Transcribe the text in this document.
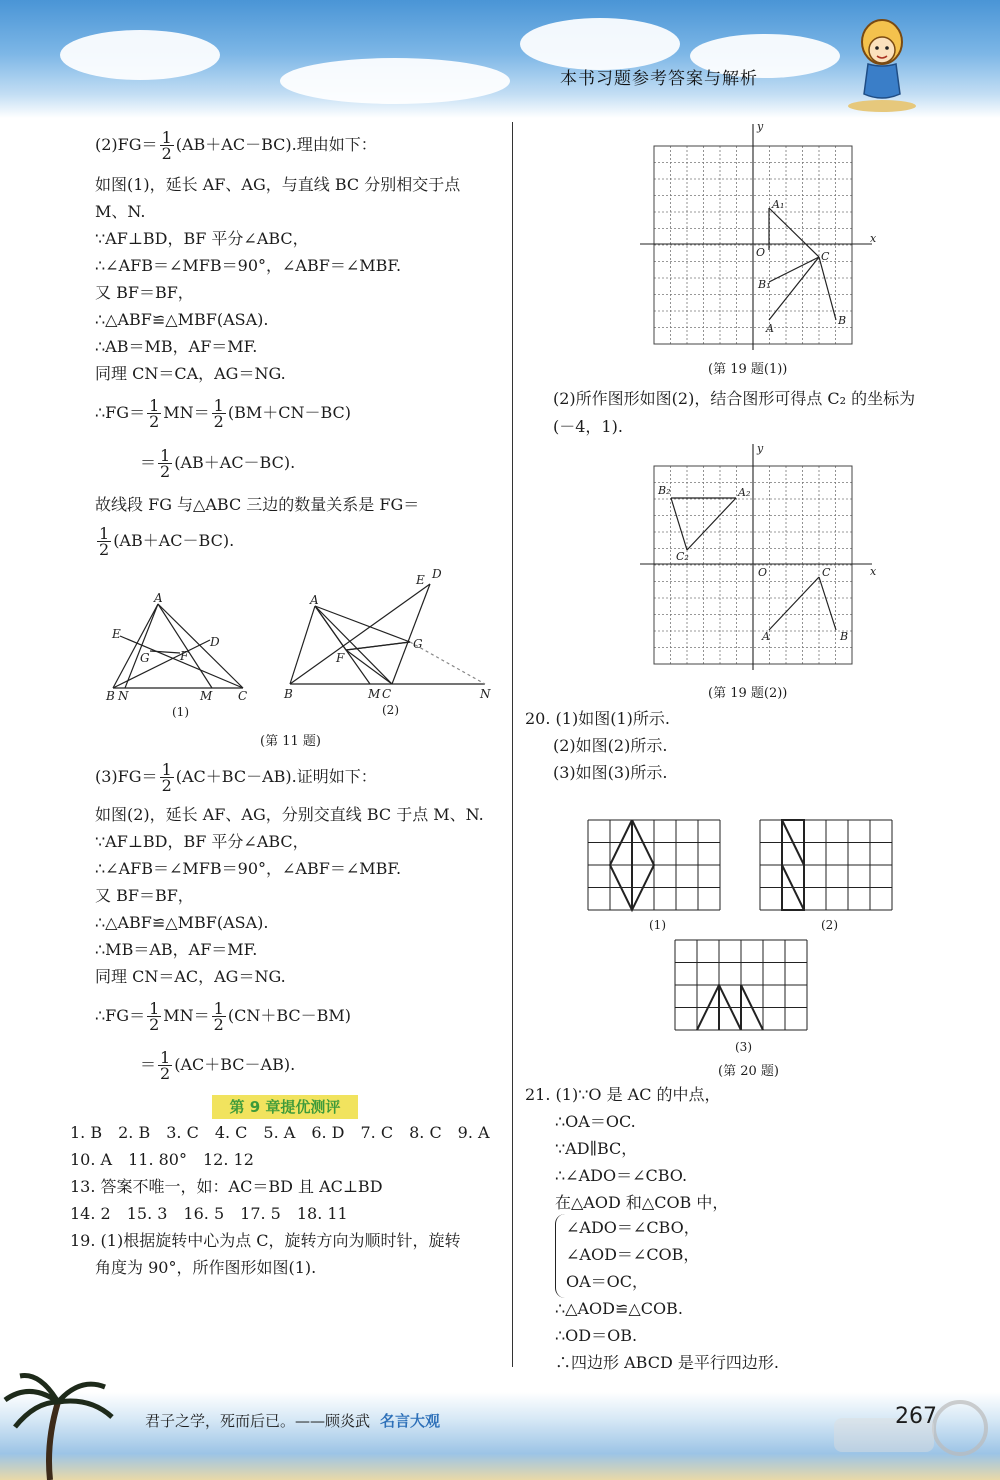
本书习题参考答案与解析
$(2)FG= \frac{1}{2} (AB+AC-BC)$.理由如下：
如图(1)，延长 AF、AG，与直线 BC 分别相交于点
M、N.
∵AF⊥BD，BF 平分∠ABC，
∴∠AFB＝∠MFB＝90°，∠ABF＝∠MBF.
又 BF＝BF，
∴△ABF≌△MBF(ASA).
∴AB＝MB，AF＝MF.
同理 CN＝CA，AG＝NG.
∴FG＝ $\frac{1}{2} MN= \frac{1}{2} (BM+CN-BC)$
＝ $\frac{1}{2} (AB+AC-BC)$.
故线段 FG 与△ABC 三边的数量关系是 FG＝
$\frac{1}{2} (AB+AC-BC)$.
A
E
D
G	F
B N	M C
(1)
A
E D
G
F
B	M C	N
(2)
(第 11 题)
$(3)FG= \frac{1}{2} (AC+BC-AB)$.证明如下：
如图(2)，延长 AF、AG，分别交直线 BC 于点 M、N.
∵AF⊥BD，BF 平分∠ABC，
∴∠AFB＝∠MFB＝90°，∠ABF＝∠MBF.
又 BF＝BF，
∴△ABF≌△MBF(ASA).
∴MB＝AB，AF＝MF.
同理 CN＝AC，AG＝NG.
∴FG＝ $\frac{1}{2} MN= \frac{1}{2} (CN+BC-BM)$
＝ $\frac{1}{2} (AC+BC-AB)$.
第 9 章提优测评
1. B　2. B　3. C　4. C　5. A　6. D　7. C　8. C　9. A
10. A　11. 80°　12. 12
13. 答案不唯一，如：AC＝BD 且 AC⊥BD
14. 2　15. 3　16. 5　17. 5　18. 11
19. (1)根据旋转中心为点 C，旋转方向为顺时针，旋转
角度为 90°，所作图形如图(1).
x
y
O
A₁
B₁
C
A
B
(第 19 题(1))
(2)所作图形如图(2)，结合图形可得点 C₂ 的坐标为
(－4，1).
x
y
O
B₂	A₂
C₂
C
A	B
(第 19 题(2))
20. (1)如图(1)所示.
(2)如图(2)所示.
(3)如图(3)所示.
(1)	(2)
(3)
(第 20 题)
21. (1)∵O 是 AC 的中点，
∴OA＝OC.
∵AD∥BC，
∴∠ADO＝∠CBO.
在△AOD 和△COB 中，
∠ADO＝∠CBO，
∠AOD＝∠COB，
OA＝OC，
∴△AOD≌△COB.
∴OD＝OB.
∴四边形 ABCD 是平行四边形.
君子之学，死而后已。——顾炎武 名言大观	267
